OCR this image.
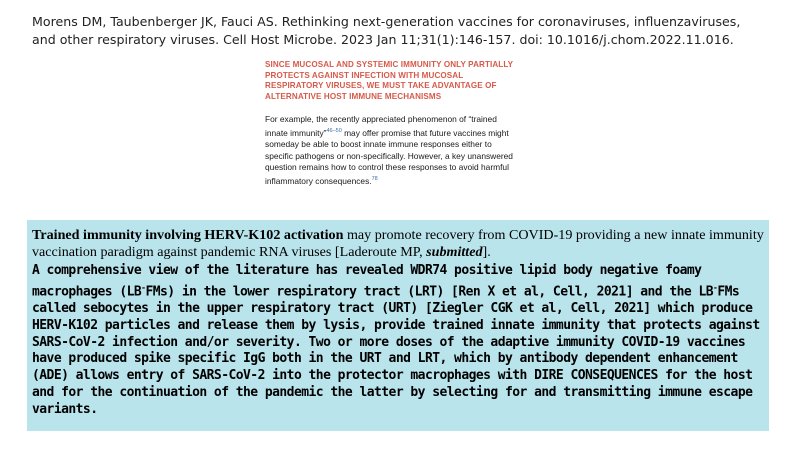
Morens DM, Taubenberger JK, Fauci AS. Rethinking next-generation vaccines for coronaviruses, influenzaviruses,
and other respiratory viruses. Cell Host Microbe. 2023 Jan 11;31(1):146-157. doi: 10.1016/j.chom.2022.11.016.

SINCE MUCOSAL AND SYSTEMIC IMMUNITY ONLY PARTIALLY PROTECTS AGAINST INFECTION WITH MUCOSAL RESPIRATORY VIRUSES, WE MUST TAKE ADVANTAGE OF ALTERNATIVE HOST IMMUNE MECHANISMS

For example, the recently appreciated phenomenon of “trained innate immunity”$^{46-50}$ may offer promise that future vaccines might someday be able to boost innate immune responses either to specific pathogens or non-specifically. However, a key unanswered question remains how to control these responses to avoid harmful inflammatory consequences.$^{78}$

Trained immunity involving HERV-K102 activation may promote recovery from COVID-19 providing a new innate immunity vaccination paradigm against pandemic RNA viruses [Laderoute MP, submitted].

A comprehensive view of the literature has revealed WDR74 positive lipid body negative foamy macrophages (LB-FMs) in the lower respiratory tract (LRT) [Ren X et al, Cell, 2021] and the LB-FMs called sebocytes in the upper respiratory tract (URT) [Ziegler CGK et al, Cell, 2021] which produce HERV-K102 particles and release them by lysis, provide trained innate immunity that protects against SARS-CoV-2 infection and/or severity. Two or more doses of the adaptive immunity COVID-19 vaccines have produced spike specific IgG both in the URT and LRT, which by antibody dependent enhancement (ADE) allows entry of SARS-CoV-2 into the protector macrophages with DIRE CONSEQUENCES for the host and for the continuation of the pandemic the latter by selecting for and transmitting immune escape variants.
